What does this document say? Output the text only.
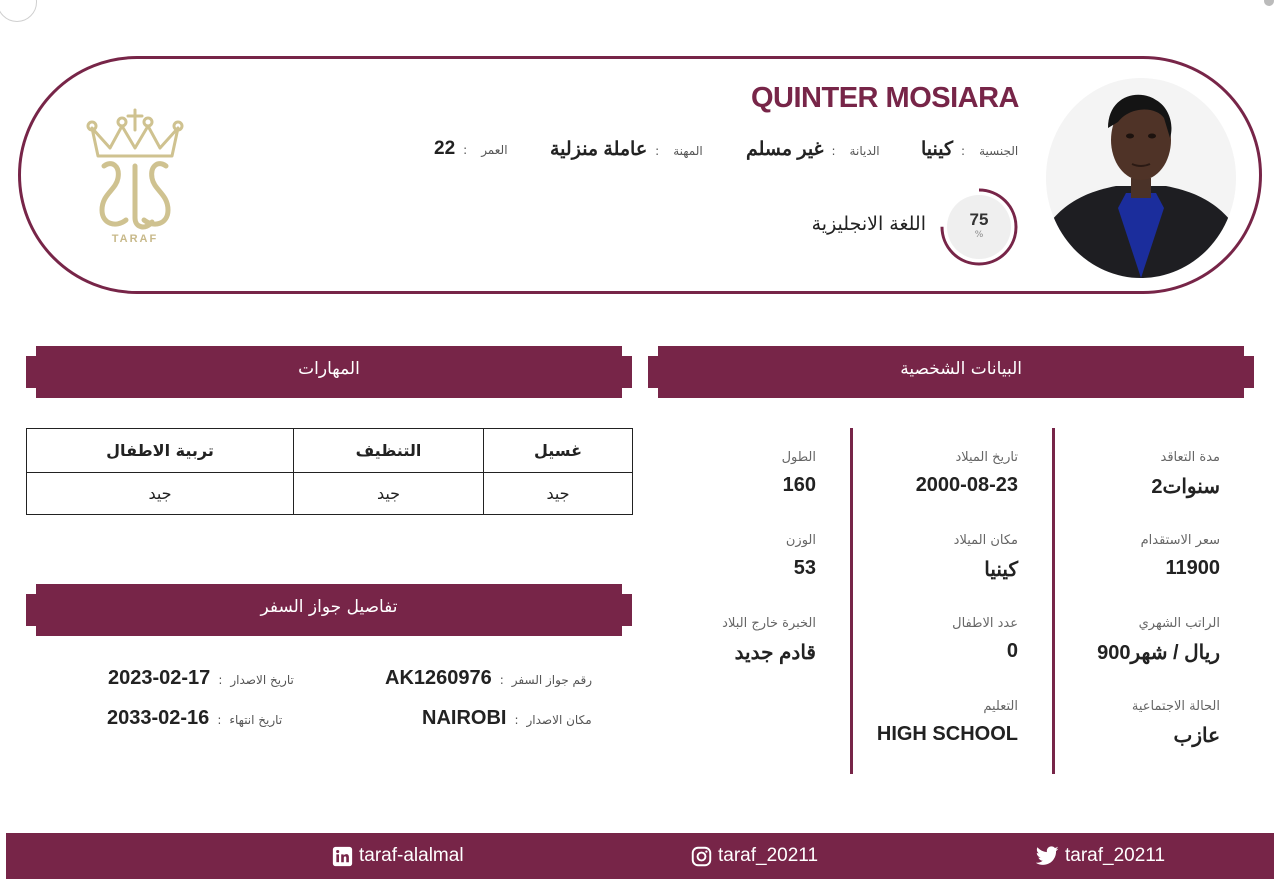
TARAF
QUINTER MOSIARA
22 : العمر عاملة منزلية : المهنة غير مسلم : الديانة كينيا : الجنسية
75
%
اللغة الانجليزية
البيانات الشخصية
المهارات
تفاصيل جواز السفر
مدة التعاقد
2سنوات
سعر الاستقدام
11900
الراتب الشهري
900ريال / شهر
الحالة الاجتماعية
عازب
تاريخ الميلاد
2000-08-23
مكان الميلاد
كينيا
عدد الاطفال
0
التعليم
HIGH SCHOOL
الطول
160
الوزن
53
الخبرة خارج البلاد
قادم جديد
تربية الاطفال	التنظيف	غسيل
جيد	جيد	جيد
AK1260976 : رقم جواز السفر
2023-02-17 : تاريخ الاصدار
NAIROBI : مكان الاصدار
2033-02-16 : تاريخ انتهاء
taraf-alalmal	taraf_20211	taraf_20211
